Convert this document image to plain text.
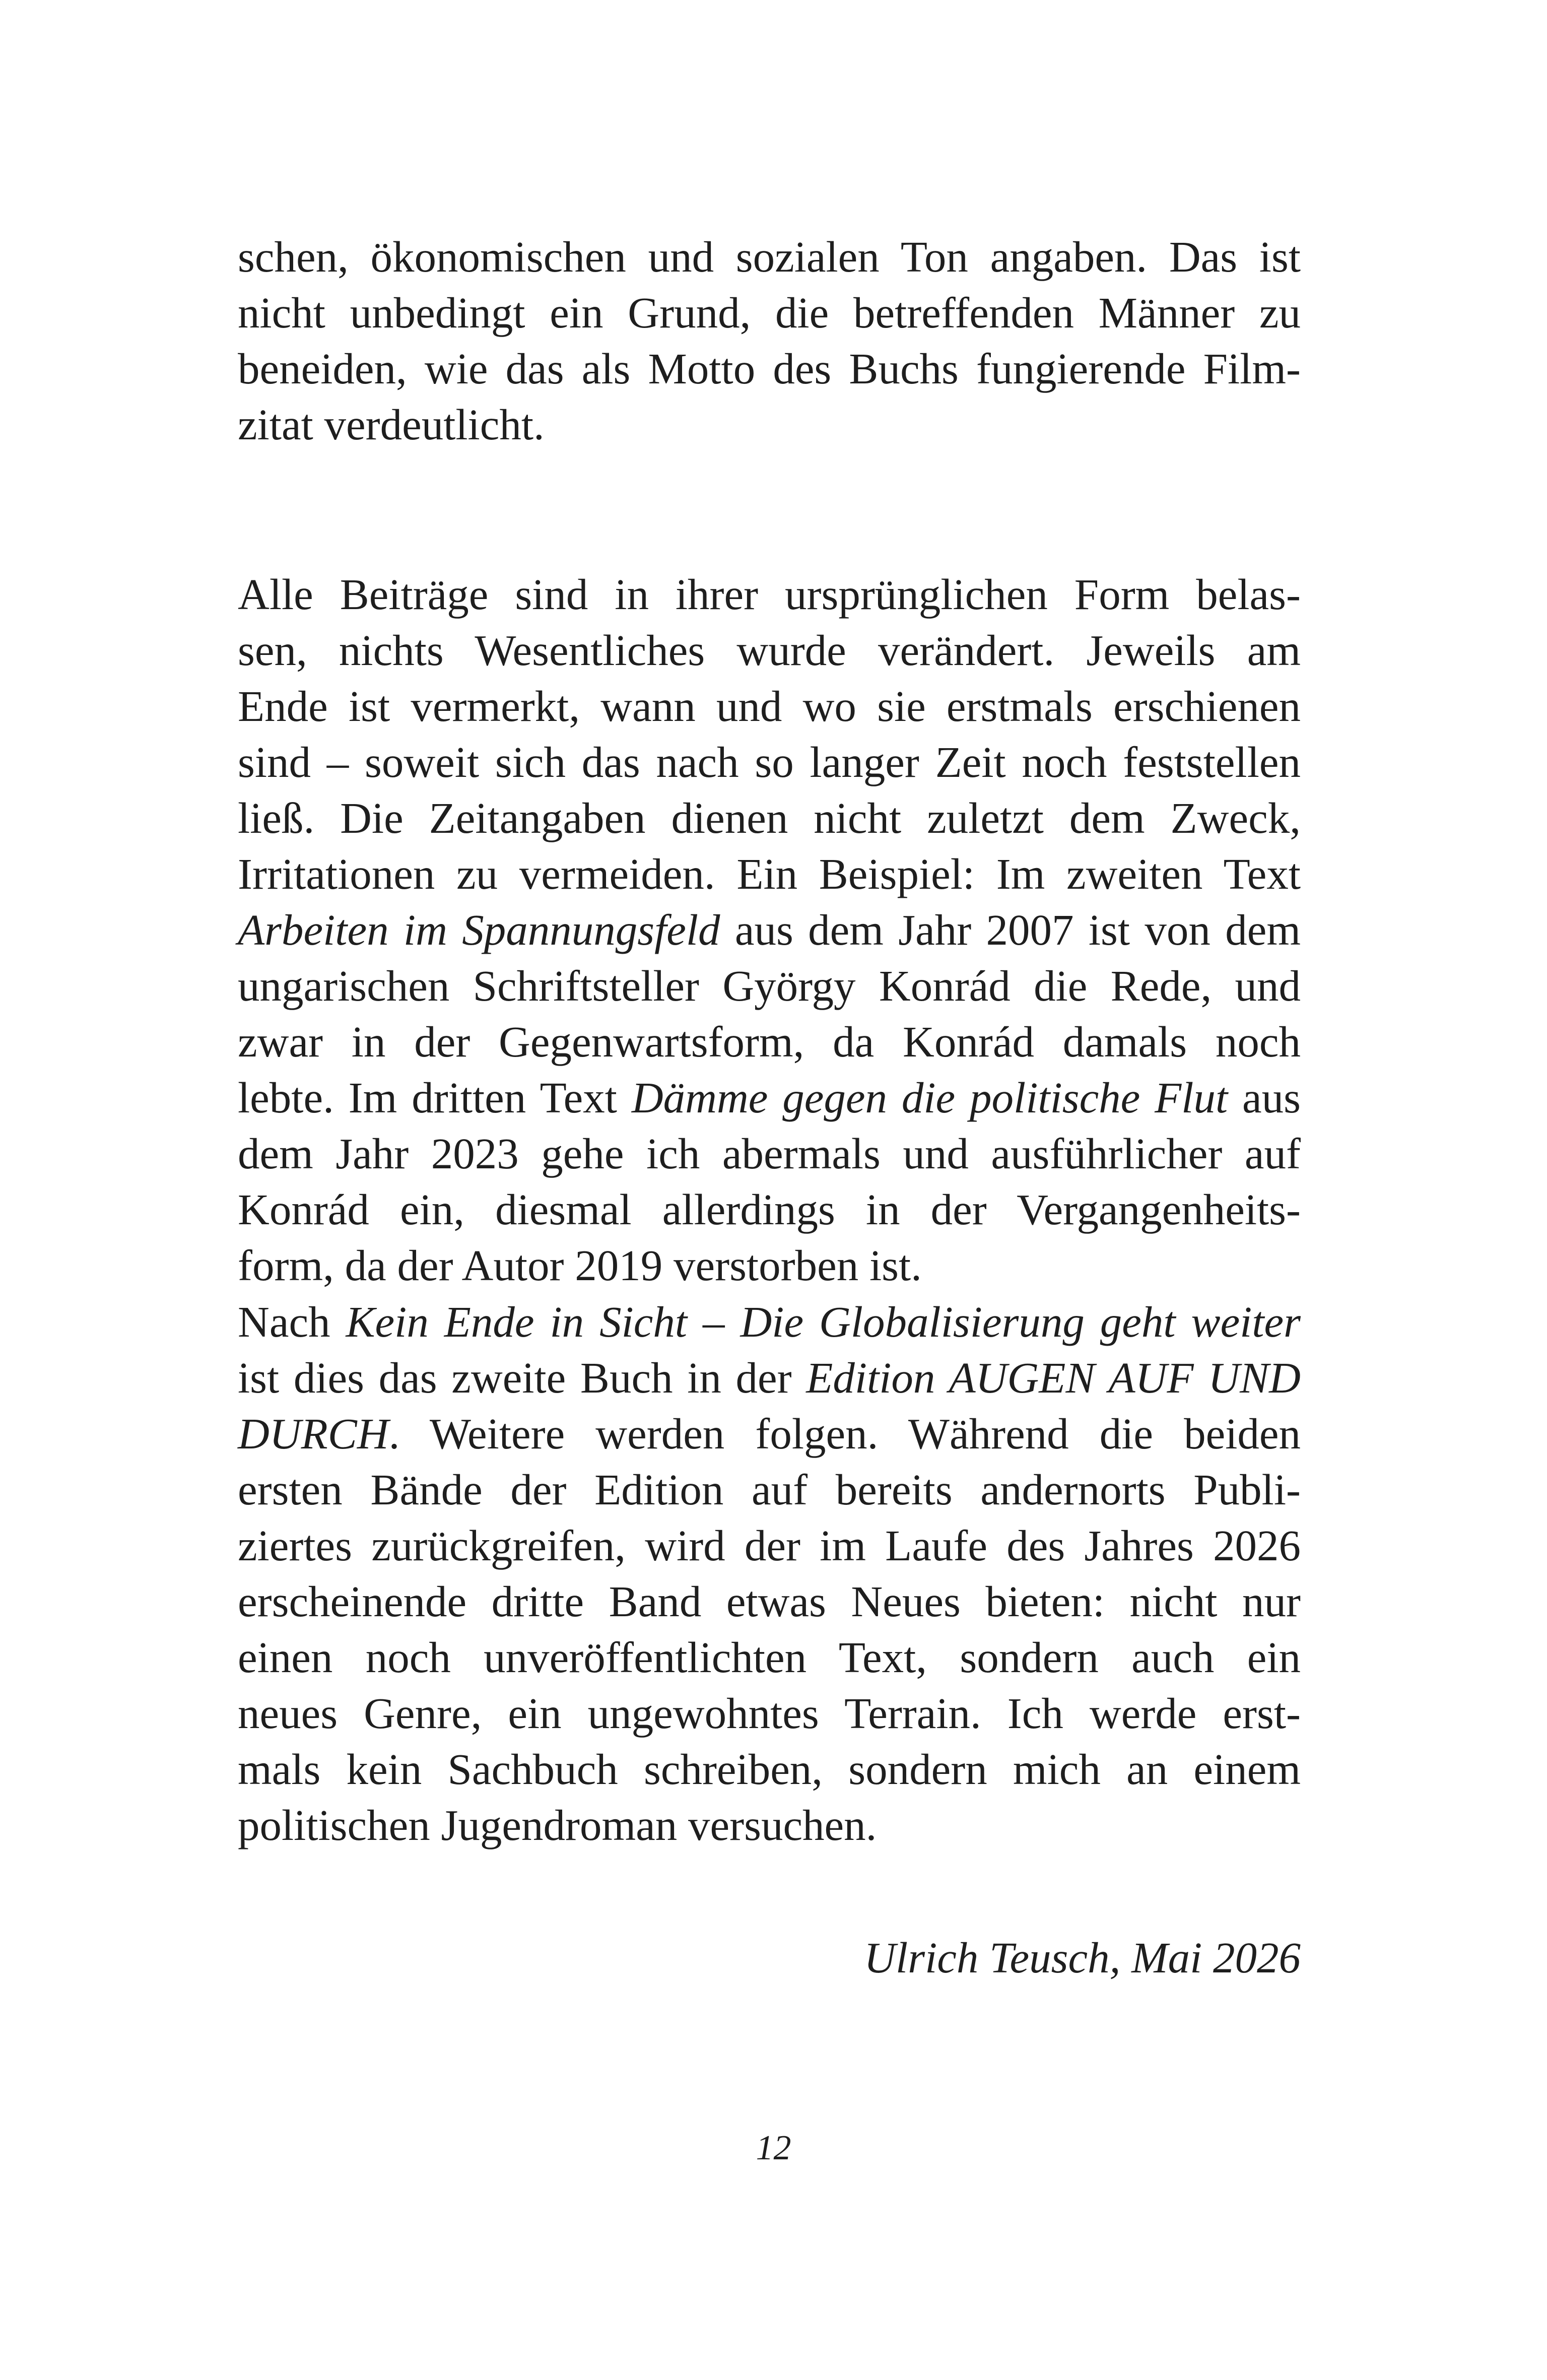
schen, ökonomischen und sozialen Ton angaben. Das ist
nicht unbedingt ein Grund, die betreffenden Männer zu
beneiden, wie das als Motto des Buchs fungierende Film-
zitat verdeutlicht.
Alle Beiträge sind in ihrer ursprünglichen Form belas-
sen, nichts Wesentliches wurde verändert. Jeweils am
Ende ist vermerkt, wann und wo sie erstmals erschienen
sind – soweit sich das nach so langer Zeit noch feststellen
ließ. Die Zeitangaben dienen nicht zuletzt dem Zweck,
Irritationen zu vermeiden. Ein Beispiel: Im zweiten Text
Arbeiten im Spannungsfeld aus dem Jahr 2007 ist von dem
ungarischen Schriftsteller György Konrád die Rede, und
zwar in der Gegenwartsform, da Konrád damals noch
lebte. Im dritten Text Dämme gegen die politische Flut aus
dem Jahr 2023 gehe ich abermals und ausführlicher auf
Konrád ein, diesmal allerdings in der Vergangenheits-
form, da der Autor 2019 verstorben ist.
Nach Kein Ende in Sicht – Die Globalisierung geht weiter
ist dies das zweite Buch in der Edition AUGEN AUF UND
DURCH. Weitere werden folgen. Während die beiden
ersten Bände der Edition auf bereits andernorts Publi-
ziertes zurückgreifen, wird der im Laufe des Jahres 2026
erscheinende dritte Band etwas Neues bieten: nicht nur
einen noch unveröffentlichten Text, sondern auch ein
neues Genre, ein ungewohntes Terrain. Ich werde erst-
mals kein Sachbuch schreiben, sondern mich an einem
politischen Jugendroman versuchen.
Ulrich Teusch, Mai 2026
12
